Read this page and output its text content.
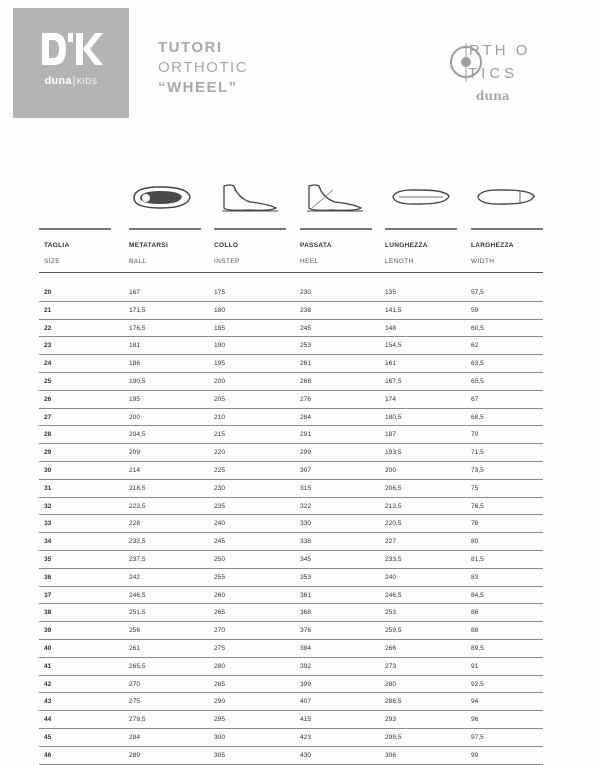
duna|KIDS
TUTORI
ORTHOTIC
“WHEEL”
RTH O
TICS
duna
TAGLIA	METATARSI	COLLO	PASSATA	LUNGHEZZA	LARGHEZZA
SIZE	BALL	INSTEP	HEEL	LENGTH	WIDTH
20	167	175	230	135	57,5
21	171,5	180	238	141,5	59
22	176,5	185	245	148	60,5
23	181	190	253	154,5	62
24	186	195	261	161	63,5
25	190,5	200	268	167,5	65,5
26	195	205	276	174	67
27	200	210	284	180,5	68,5
28	204,5	215	291	187	70
29	209	220	299	193,5	71,5
30	214	225	307	200	73,5
31	218,5	230	315	206,5	75
32	223,5	235	322	213,5	76,5
33	228	240	330	220,5	78
34	232,5	245	338	227	80
35	237,5	250	345	233,5	81,5
36	242	255	353	240	83
37	246,5	260	361	246,5	84,5
38	251,5	265	368	253	86
39	256	270	376	259,5	88
40	261	275	384	266	89,5
41	265,5	280	392	273	91
42	270	285	399	280	92,5
43	275	290	407	286,5	94
44	279,5	295	415	293	96
45	284	300	423	299,5	97,5
46	289	305	430	306	99
